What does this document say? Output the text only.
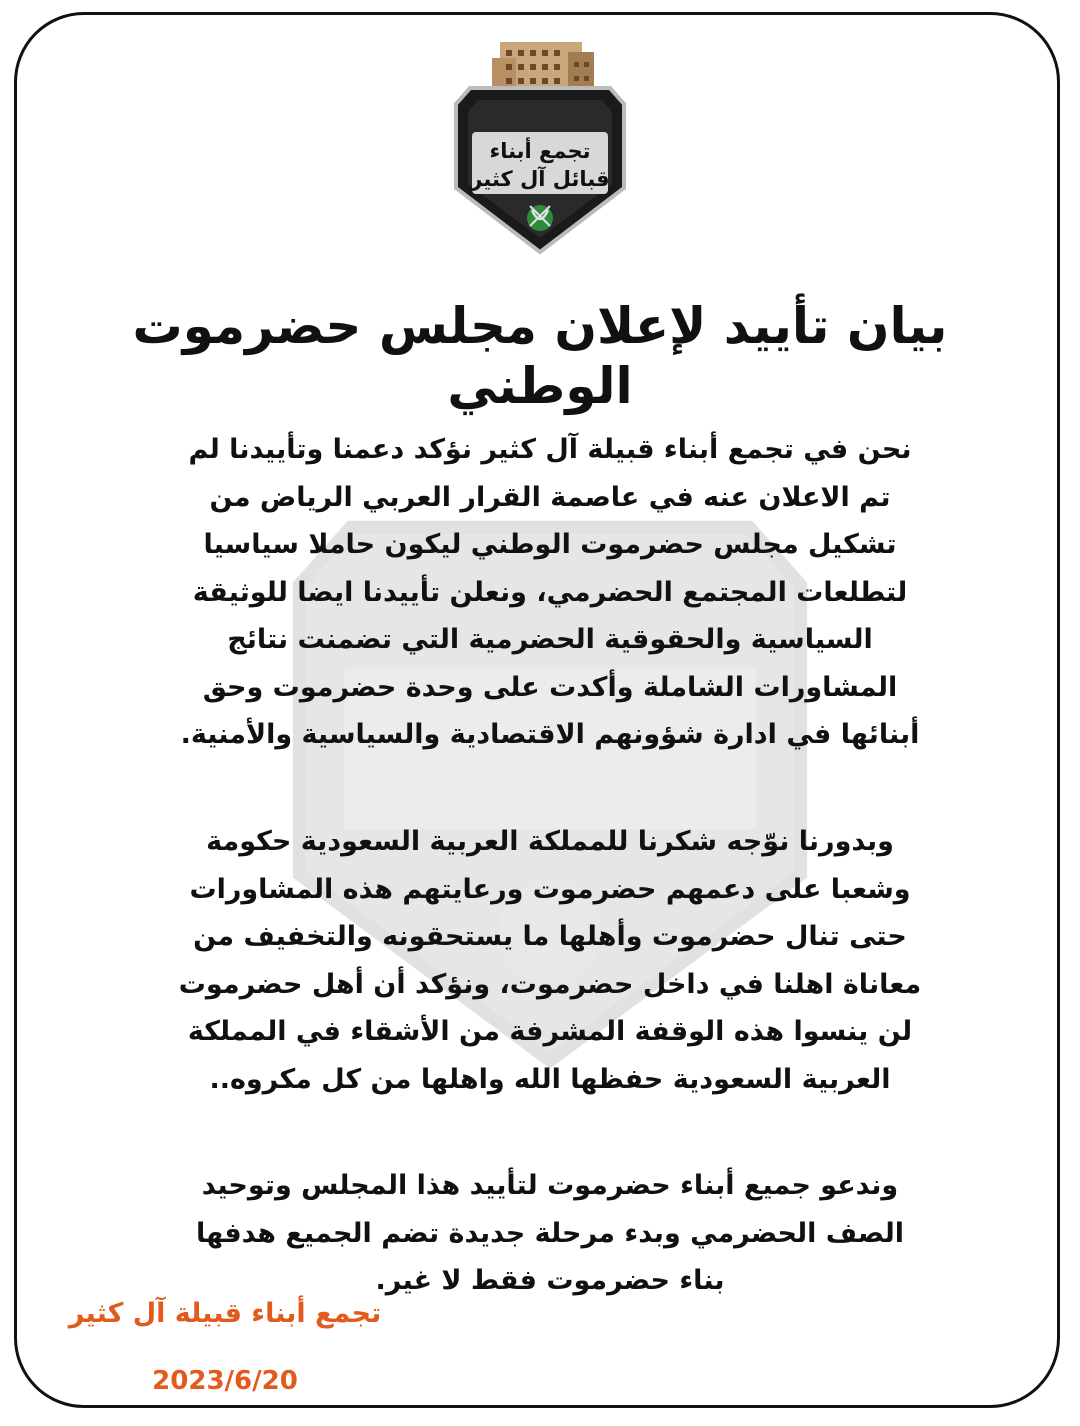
تجمع أبناء
قبائل آل كثير
بيان تأييد لإعلان مجلس حضرموت الوطني

نحن في تجمع أبناء قبيلة آل كثير نؤكد دعمنا وتأييدنا لم تم الاعلان عنه في عاصمة القرار العربي الرياض من تشكيل مجلس حضرموت الوطني ليكون حاملا سياسيا لتطلعات المجتمع الحضرمي، ونعلن تأييدنا ايضا للوثيقة السياسية والحقوقية الحضرمية التي تضمنت نتائج المشاورات الشاملة وأكدت على وحدة حضرموت وحق أبنائها في ادارة شؤونهم الاقتصادية والسياسية والأمنية.

وبدورنا نوّجه شكرنا للمملكة العربية السعودية حكومة وشعبا على دعمهم حضرموت ورعايتهم هذه المشاورات حتى تنال حضرموت وأهلها ما يستحقونه والتخفيف من معاناة اهلنا في داخل حضرموت، ونؤكد أن أهل حضرموت لن ينسوا هذه الوقفة المشرفة من الأشقاء في المملكة العربية السعودية حفظها الله واهلها من كل مكروه..

وندعو جميع أبناء حضرموت لتأييد هذا المجلس وتوحيد الصف الحضرمي وبدء مرحلة جديدة تضم الجميع هدفها بناء حضرموت فقط لا غير.

تجمع أبناء قبيلة آل كثير

2023/6/20
